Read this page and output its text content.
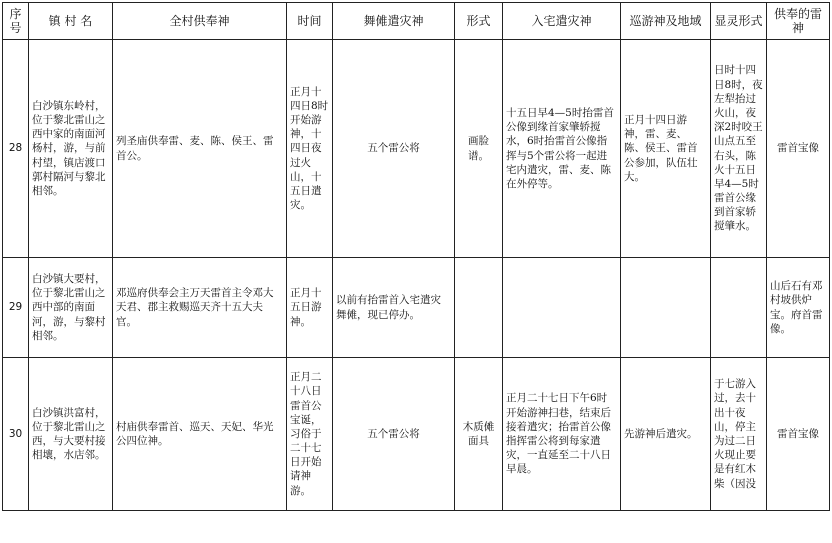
序号	镇 村 名	全村供奉神	时间	舞傩遣灾神	形式	入宅遣灾神	巡游神及地域	显灵形式	供奉的雷神
28	白沙镇东岭村，位于黎北雷山之西中家的南面河杨村，游，与前村望，镇店渡口郭村隔河与黎北相邻。	列圣庙供奉雷、麦、陈、侯王、雷首公。	正月十四日8时开始游神，十四日夜过火山，十五日遣灾。	五个雷公将	画脸谱。	十五日早4—5时抬雷首公像到缘首家肇轿搅水，6时抬雷首公像指挥与5个雷公将一起进宅内遣灾，雷、麦、陈在外停等。	正月十四日游神，雷、麦、陈、侯王、雷首公参加，队伍壮大。	日时十四日8时，夜左犁抬过火山，夜深2时咬王山点五至右头，陈火十五日早4—5时雷首公缘到首家轿搅肇水。	雷首宝像
29	白沙镇大要村，位于黎北雷山之西中部的南面河，游，与黎村相邻。	邓巡府供奉会主万天雷首主令邓大天君、郡主救赐巡天齐十五大夫官。	正月十五日游神。	以前有抬雷首入宅遣灾舞傩，现已停办。					山后石有邓村坡供炉宝。府首雷像。
30	白沙镇洪富村，位于黎北雷山之西，与大要村接相壤，水店邻。	村庙供奉雷首、巡天、天妃、华光公四位神。	正月二十八日雷首公宝诞，习俗于二十七日开始请神游。	五个雷公将	木质傩面具	正月二十七日下午6时开始游神扫巷，结束后接着遣灾；抬雷首公像指挥雷公将到每家遣灾，一直延至二十八日早晨。	先游神后遣灾。	于七游入过，去十出十夜山，停主为过二日火现止要是有红木柴（因没	雷首宝像
